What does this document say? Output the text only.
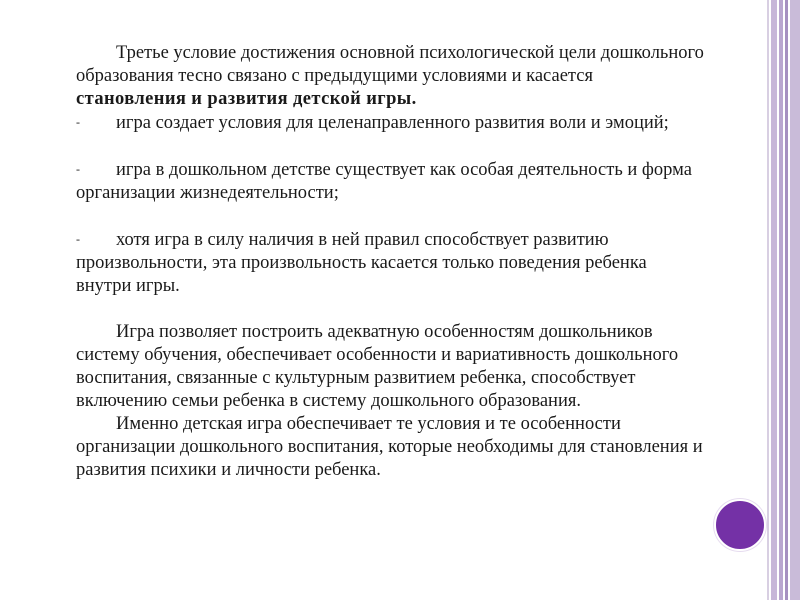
Третье условие достижения основной психологической цели дошкольного образования тесно связано с предыдущими условиями и касается становления и развития детской игры.

- игра создает условия для целенаправленного развития воли и эмоций;

- игра в дошкольном детстве существует как особая деятельность и форма организации жизнедеятельности;

- хотя игра в силу наличия в ней правил способствует развитию произвольности, эта произвольность касается только поведения ребенка внутри игры.

Игра позволяет построить адекватную особенностям дошкольников систему обучения, обеспечивает особенности и вариативность дошкольного воспитания, связанные с культурным развитием ребенка, способствует включению семьи ребенка в систему дошкольного образования.

Именно детская игра обеспечивает те условия и те особенности организации дошкольного воспитания, которые необходимы для становления и развития психики и личности ребенка.
